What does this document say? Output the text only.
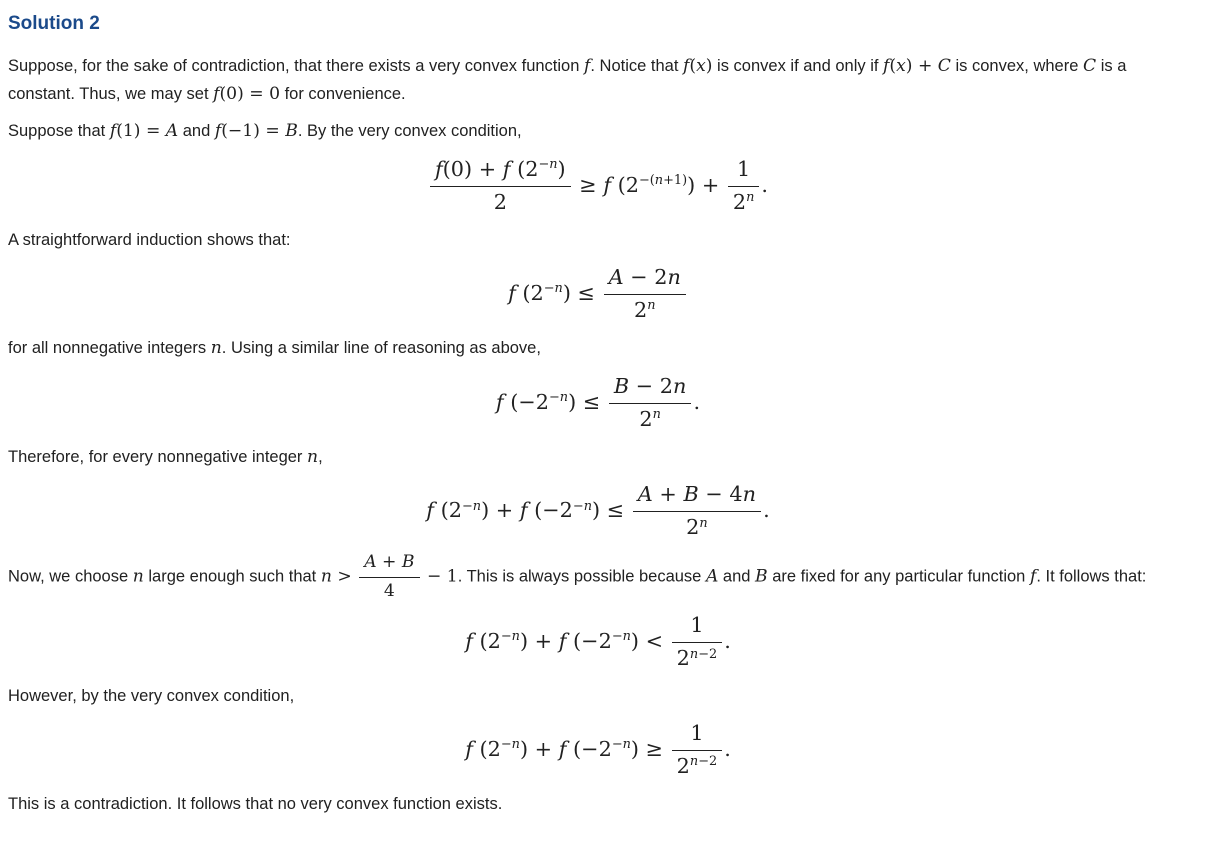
Solution 2

Suppose, for the sake of contradiction, that there exists a very convex function f. Notice that f(x) is convex if and only if f(x) + C is convex, where C is a constant. Thus, we may set f(0) = 0 for convenience.

Suppose that f(1) = A and f(−1) = B. By the very convex condition,

$\frac{f(0) + f (2^{-n})}{2} \ge f$ $(2^{-(n+1)}) + \frac{1}{2^n}$ .

A straightforward induction shows that:

f $(2^{-n}) \le \frac{A - 2n}{2^n}$

for all nonnegative integers n. Using a similar line of reasoning as above,

f $(-2^{-n}) \le \frac{B - 2n}{2^n}$ .

Therefore, for every nonnegative integer n,

f $(2^{-n}) + f$ $(-2^{-n}) \le \frac{A + B - 4n}{2^n}$ .

Now, we choose n large enough such that $n > \frac{A + B}{4} - 1$. This is always possible because A and B are fixed for any particular function f. It follows that:

f $(2^{-n}) + f$ $(-2^{-n}) < \frac{1}{2^{n-2}}$ .

However, by the very convex condition,

f $(2^{-n}) + f$ $(-2^{-n}) \ge \frac{1}{2^{n-2}}$ .

This is a contradiction. It follows that no very convex function exists.
